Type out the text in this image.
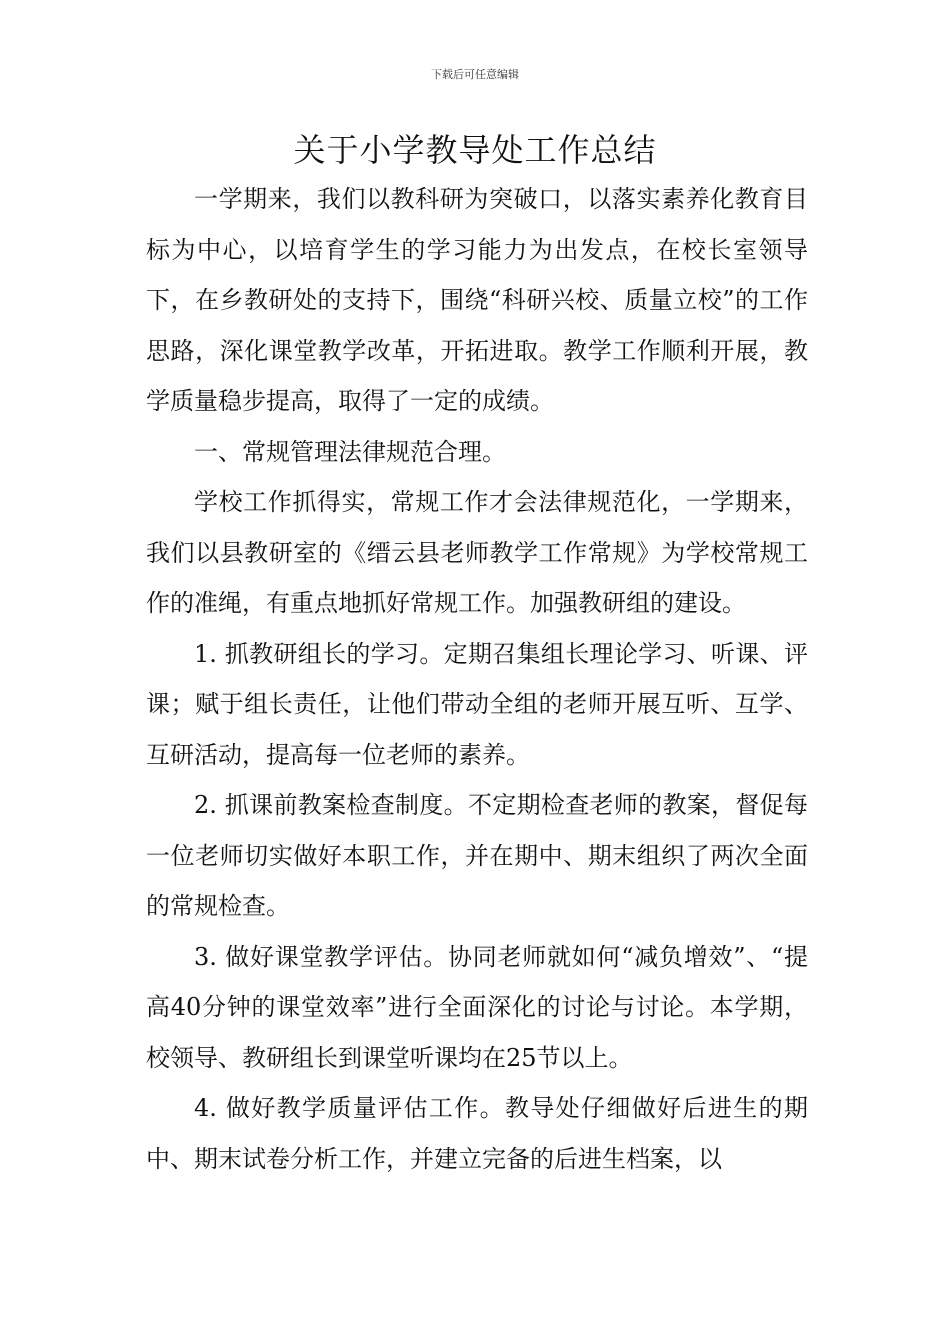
下载后可任意编辑
关于小学教导处工作总结

一学期来，我们以教科研为突破口，以落实素养化教育目标为中心，以培育学生的学习能力为出发点，在校长室领导下，在乡教研处的支持下，围绕“科研兴校、质量立校”的工作思路，深化课堂教学改革，开拓进取。教学工作顺利开展，教学质量稳步提高，取得了一定的成绩。

一、常规管理法律规范合理。

学校工作抓得实，常规工作才会法律规范化，一学期来，我们以县教研室的《缙云县老师教学工作常规》为学校常规工作的准绳，有重点地抓好常规工作。加强教研组的建设。

1. 抓教研组长的学习。定期召集组长理论学习、听课、评课；赋于组长责任，让他们带动全组的老师开展互听、互学、互研活动，提高每一位老师的素养。

2. 抓课前教案检查制度。不定期检查老师的教案，督促每一位老师切实做好本职工作，并在期中、期末组织了两次全面的常规检查。

3. 做好课堂教学评估。协同老师就如何“减负增效”、“提高40分钟的课堂效率”进行全面深化的讨论与讨论。本学期，校领导、教研组长到课堂听课均在25节以上。

4. 做好教学质量评估工作。教导处仔细做好后进生的期中、期末试卷分析工作，并建立完备的后进生档案，以
